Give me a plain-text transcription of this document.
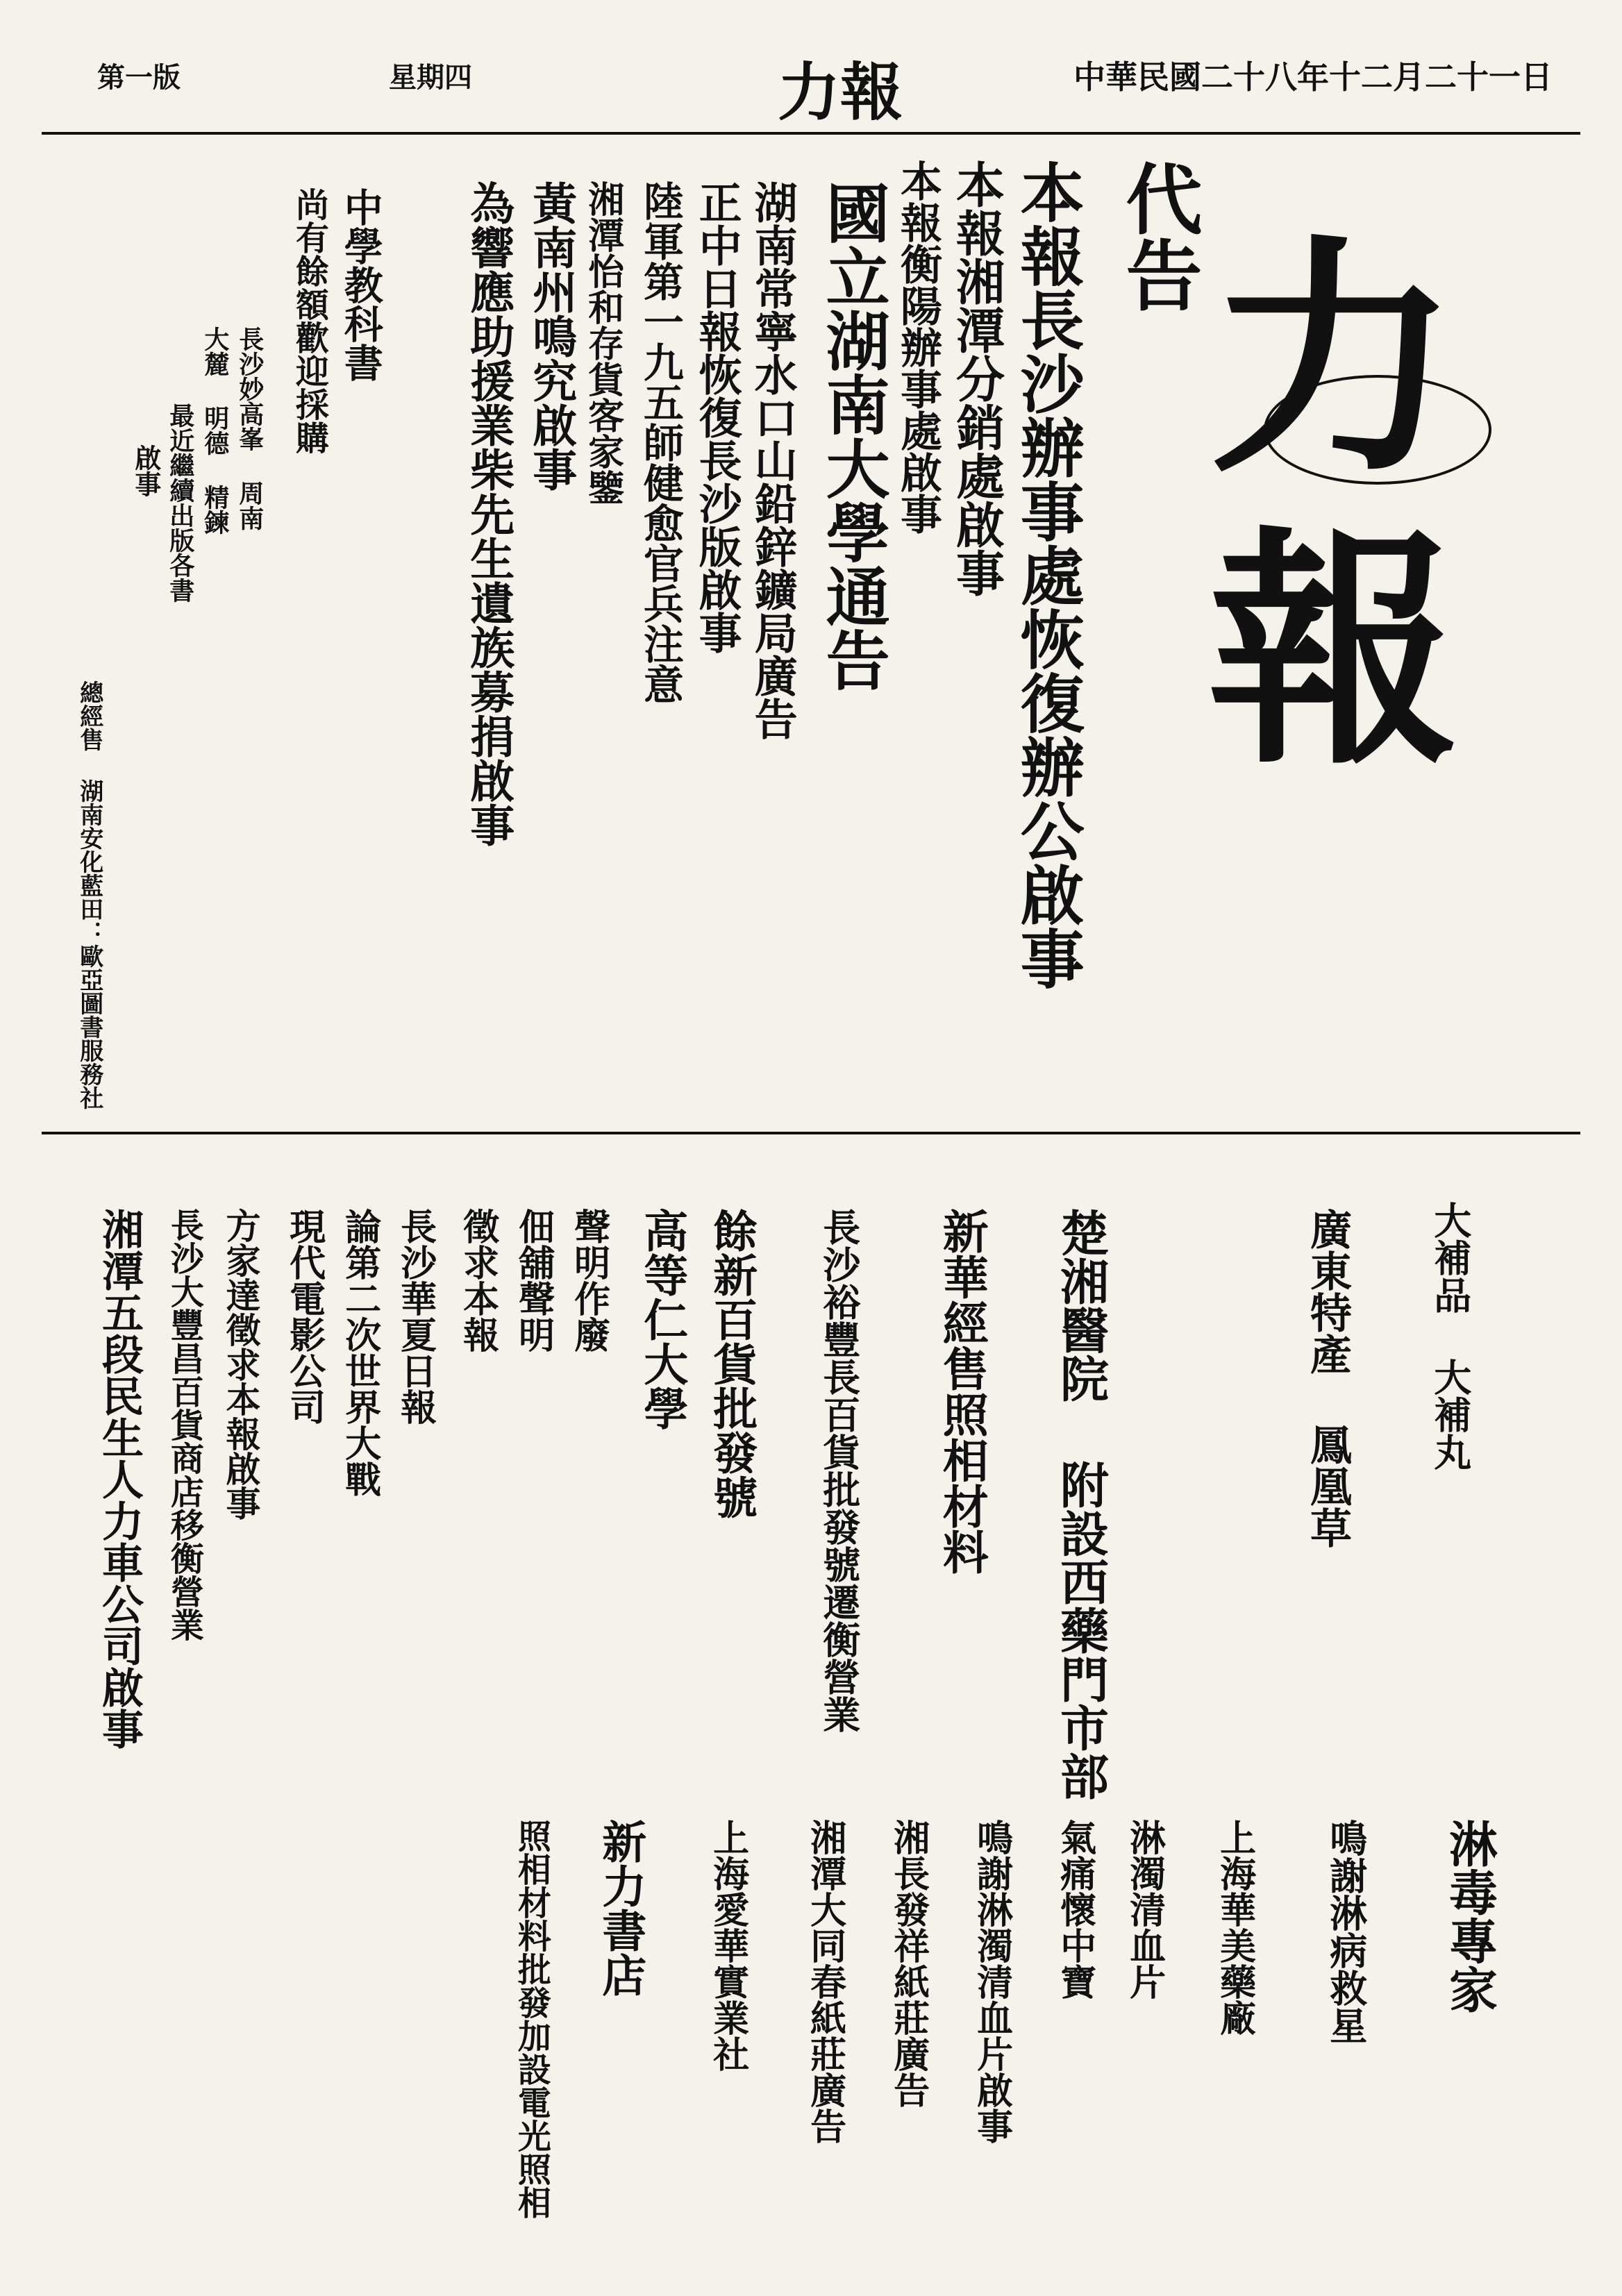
第一版	星期四	力報	中華民國二十八年十二月二十一日
力
報
代告
本報長沙辦事處恢復辦公啟事
本報湘潭分銷處啟事
本報衡陽辦事處啟事
國立湖南大學通告
湖南常寧水口山鉛鋅鑛局廣告
正中日報恢復長沙版啟事
陸軍第一九五師健愈官兵注意
湘潭怡和存貨客家鑒
黃南州鳴究啟事
為響應助援業柴先生遺族募捐啟事
中學教科書
尚有餘額歡迎採購
長沙妙高峯 周南
大麓 明德 精鍊
最近繼續出版各書
啟事
總經售 湖南安化藍田：歐亞圖書服務社
大補品 大補丸
廣東特產 鳳凰草
楚湘醫院 附設西藥門市部
新華經售照相材料
長沙裕豐長百貨批發號遷衡營業
餘新百貨批發號
高等仁大學
聲明作廢
佃舖聲明
徵求本報
長沙華夏日報
論第二次世界大戰
現代電影公司
方家達徵求本報啟事
長沙大豐昌百貨商店移衡營業
湘潭五段民生人力車公司啟事
淋毒專家
鳴謝淋病救星
上海華美藥廠
淋濁清血片
氣痛懷中寶
鳴謝淋濁清血片啟事
湘長發祥紙莊廣告
湘潭大同春紙莊廣告
上海愛華實業社
新力書店
照相材料批發加設電光照相
